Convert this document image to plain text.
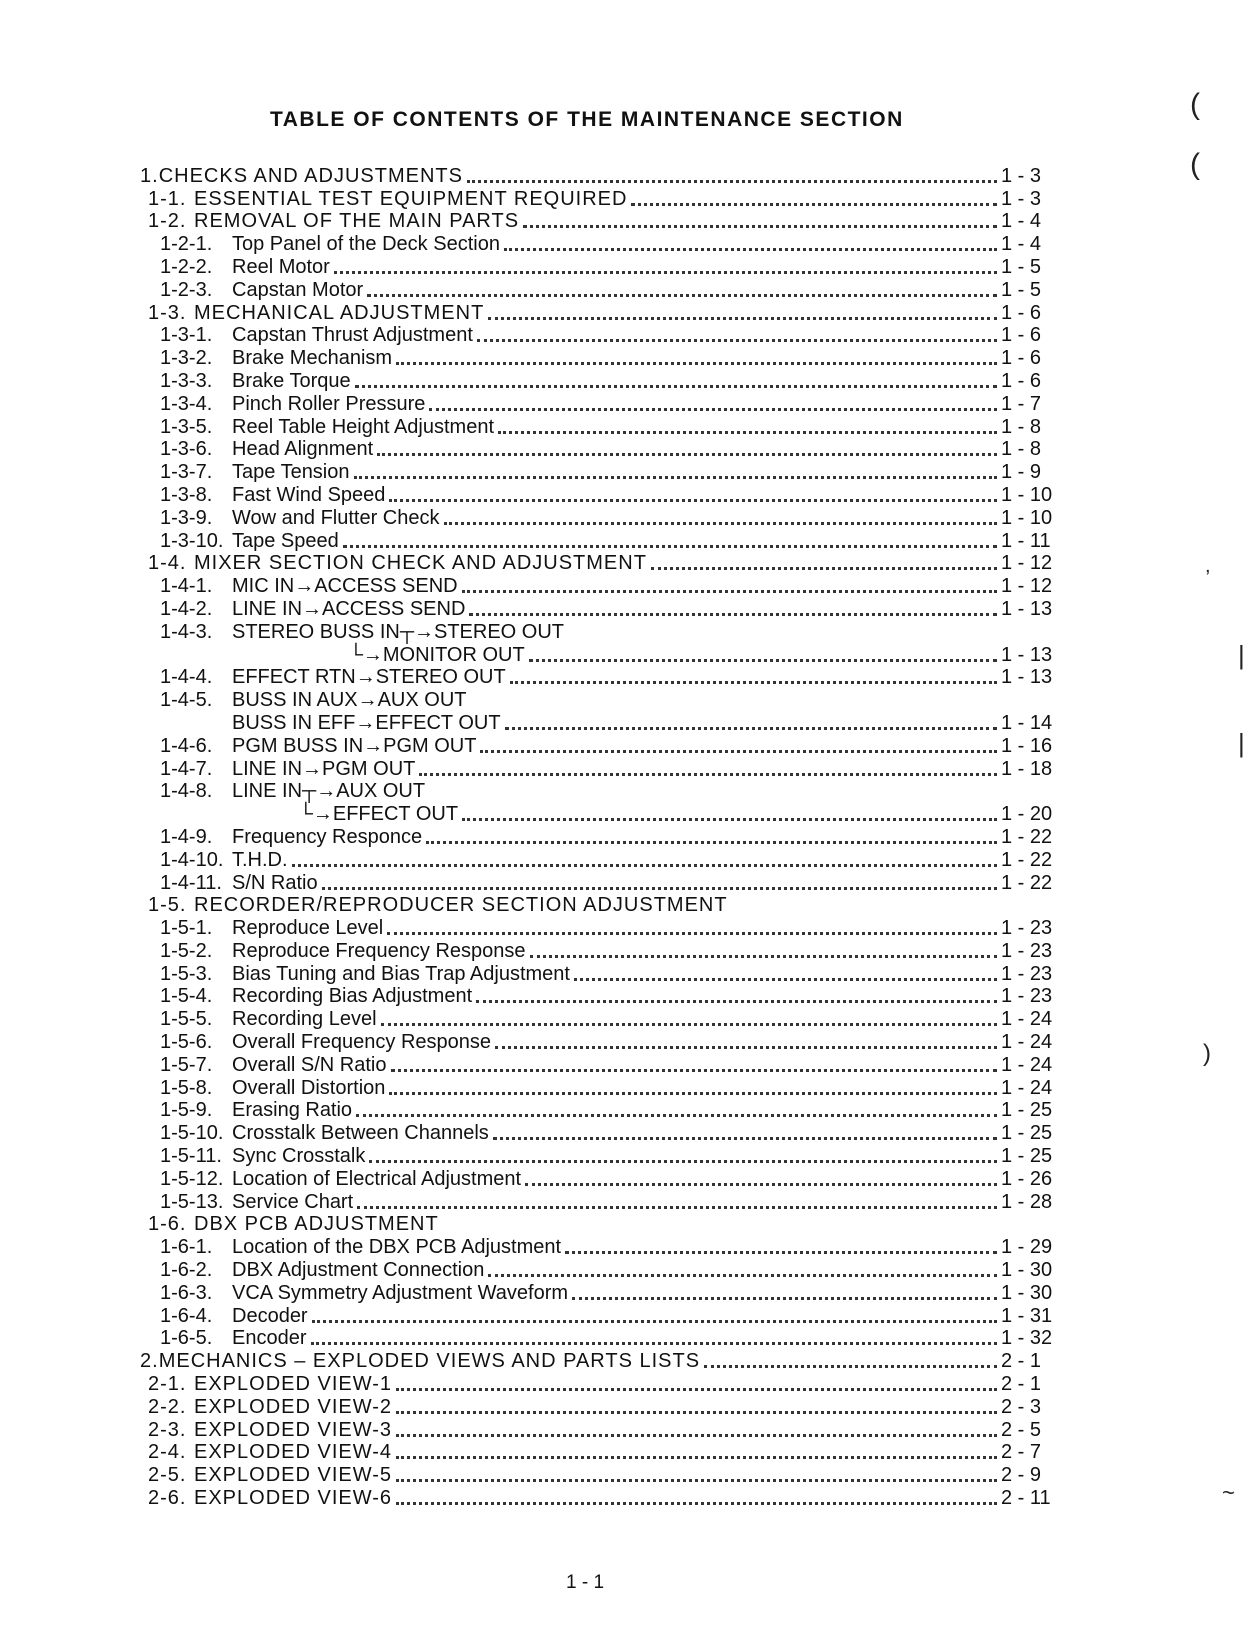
TABLE OF CONTENTS OF THE MAINTENANCE SECTION
1. CHECKS AND ADJUSTMENTS	1 - 3
1-1. ESSENTIAL TEST EQUIPMENT REQUIRED	1 - 3
1-2. REMOVAL OF THE MAIN PARTS	1 - 4
1-2-1. Top Panel of the Deck Section	1 - 4
1-2-2. Reel Motor	1 - 5
1-2-3. Capstan Motor	1 - 5
1-3. MECHANICAL ADJUSTMENT	1 - 6
1-3-1. Capstan Thrust Adjustment	1 - 6
1-3-2. Brake Mechanism	1 - 6
1-3-3. Brake Torque	1 - 6
1-3-4. Pinch Roller Pressure	1 - 7
1-3-5. Reel Table Height Adjustment	1 - 8
1-3-6. Head Alignment	1 - 8
1-3-7. Tape Tension	1 - 9
1-3-8. Fast Wind Speed	1 - 10
1-3-9. Wow and Flutter Check	1 - 10
1-3-10. Tape Speed	1 - 11
1-4. MIXER SECTION CHECK AND ADJUSTMENT	1 - 12
1-4-1. MIC IN→ACCESS SEND	1 - 12
1-4-2. LINE IN→ACCESS SEND	1 - 13
1-4-3. STEREO BUSS IN┬→STEREO OUT
└→MONITOR OUT	1 - 13
1-4-4. EFFECT RTN→STEREO OUT	1 - 13
1-4-5. BUSS IN AUX→AUX OUT
BUSS IN EFF→EFFECT OUT	1 - 14
1-4-6. PGM BUSS IN→PGM OUT	1 - 16
1-4-7. LINE IN→PGM OUT	1 - 18
1-4-8. LINE IN┬→AUX OUT
└→EFFECT OUT	1 - 20
1-4-9. Frequency Responce	1 - 22
1-4-10. T.H.D.	1 - 22
1-4-11. S/N Ratio	1 - 22
1-5. RECORDER/REPRODUCER SECTION ADJUSTMENT
1-5-1. Reproduce Level	1 - 23
1-5-2. Reproduce Frequency Response	1 - 23
1-5-3. Bias Tuning and Bias Trap Adjustment	1 - 23
1-5-4. Recording Bias Adjustment	1 - 23
1-5-5. Recording Level	1 - 24
1-5-6. Overall Frequency Response	1 - 24
1-5-7. Overall S/N Ratio	1 - 24
1-5-8. Overall Distortion	1 - 24
1-5-9. Erasing Ratio	1 - 25
1-5-10. Crosstalk Between Channels	1 - 25
1-5-11. Sync Crosstalk	1 - 25
1-5-12. Location of Electrical Adjustment	1 - 26
1-5-13. Service Chart	1 - 28
1-6. DBX PCB ADJUSTMENT
1-6-1. Location of the DBX PCB Adjustment	1 - 29
1-6-2. DBX Adjustment Connection	1 - 30
1-6-3. VCA Symmetry Adjustment Waveform	1 - 30
1-6-4. Decoder	1 - 31
1-6-5. Encoder	1 - 32
2. MECHANICS – EXPLODED VIEWS AND PARTS LISTS	2 - 1
2-1. EXPLODED VIEW-1	2 - 1
2-2. EXPLODED VIEW-2	2 - 3
2-3. EXPLODED VIEW-3	2 - 5
2-4. EXPLODED VIEW-4	2 - 7
2-5. EXPLODED VIEW-5	2 - 9
2-6. EXPLODED VIEW-6	2 - 11
1 - 1
(
(
,
|
|
)
~
